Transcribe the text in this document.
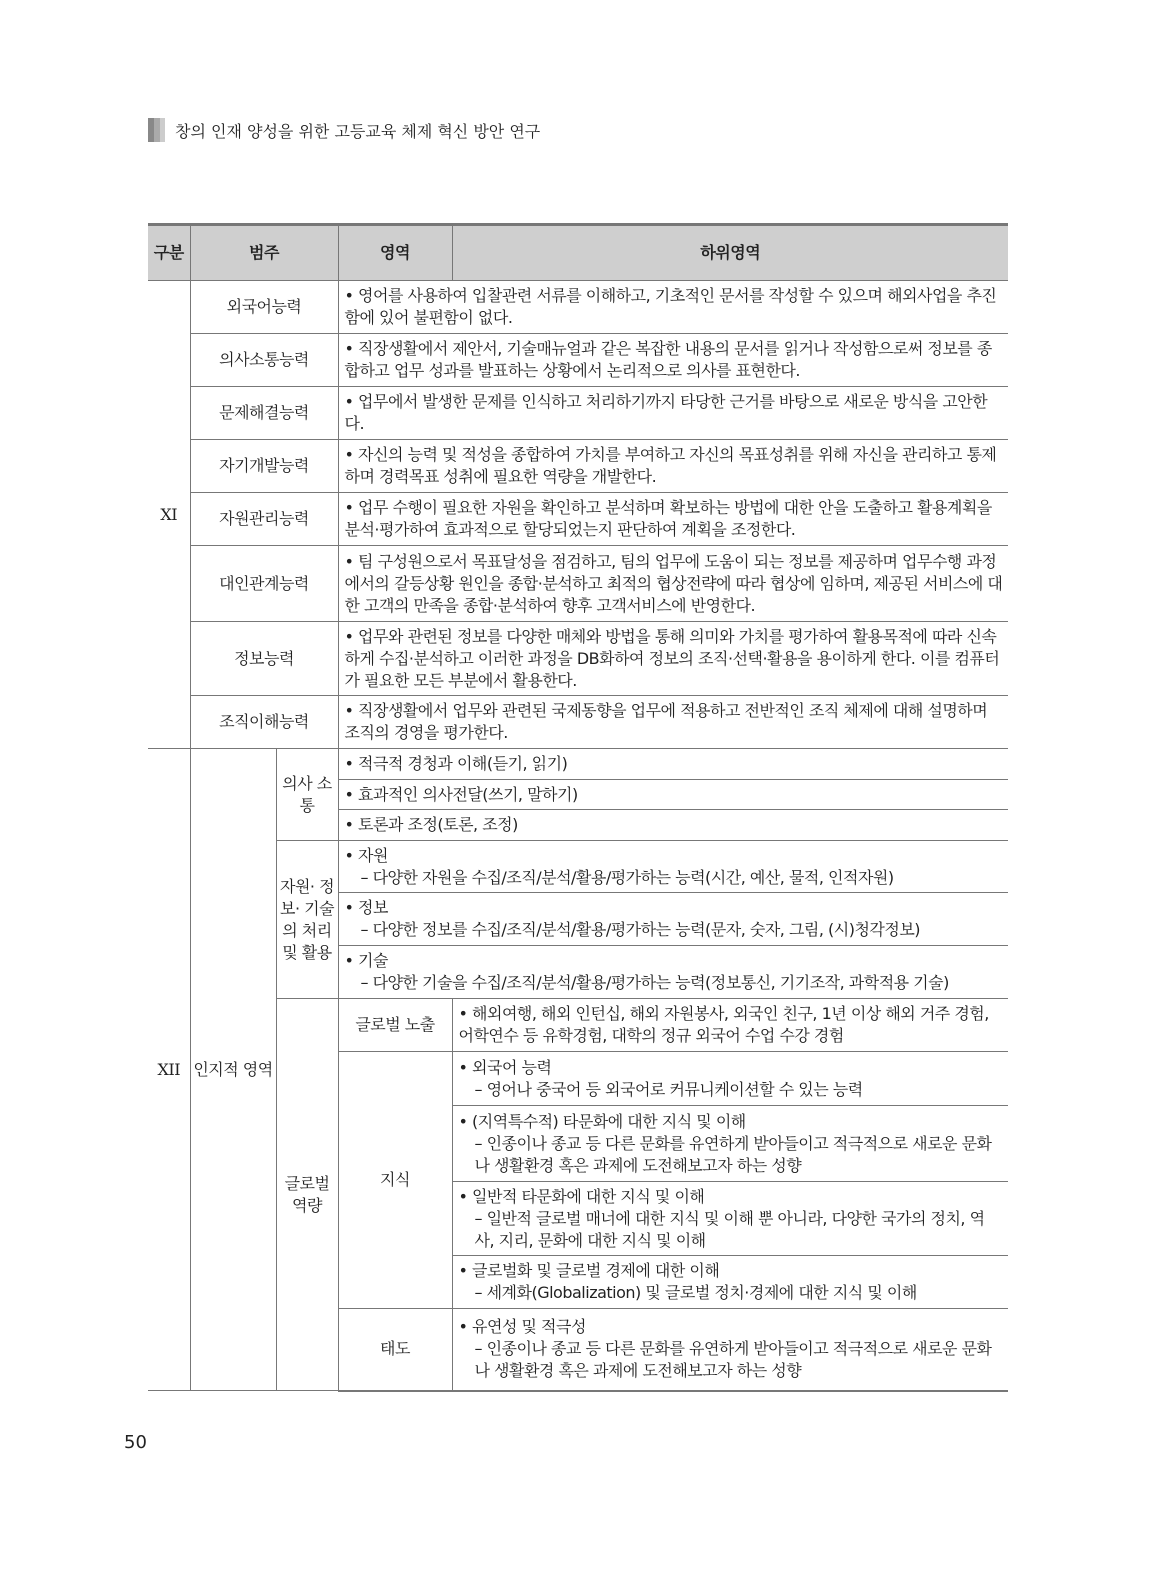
창의 인재 양성을 위한 고등교육 체제 혁신 방안 연구
구분	범주		영역	하위영역
XI	외국어능력		• 영어를 사용하여 입찰관련 서류를 이해하고, 기초적인 문서를 작성할 수 있으며 해외사업을 추진함에 있어 불편함이 없다.	
	의사소통능력		• 직장생활에서 제안서, 기술매뉴얼과 같은 복잡한 내용의 문서를 읽거나 작성함으로써 정보를 종합하고 업무 성과를 발표하는 상황에서 논리적으로 의사를 표현한다.	
	문제해결능력		• 업무에서 발생한 문제를 인식하고 처리하기까지 타당한 근거를 바탕으로 새로운 방식을 고안한다.	
	자기개발능력		• 자신의 능력 및 적성을 종합하여 가치를 부여하고 자신의 목표성취를 위해 자신을 관리하고 통제하며 경력목표 성취에 필요한 역량을 개발한다.	
	자원관리능력		• 업무 수행이 필요한 자원을 확인하고 분석하며 확보하는 방법에 대한 안을 도출하고 활용계획을 분석·평가하여 효과적으로 할당되었는지 판단하여 계획을 조정한다.	
	대인관계능력		• 팀 구성원으로서 목표달성을 점검하고, 팀의 업무에 도움이 되는 정보를 제공하며 업무수행 과정에서의 갈등상황 원인을 종합·분석하고 최적의 협상전략에 따라 협상에 임하며, 제공된 서비스에 대한 고객의 만족을 종합·분석하여 향후 고객서비스에 반영한다.	
	정보능력		• 업무와 관련된 정보를 다양한 매체와 방법을 통해 의미와 가치를 평가하여 활용목적에 따라 신속하게 수집·분석하고 이러한 과정을 DB화하여 정보의 조직·선택·활용을 용이하게 한다. 이를 컴퓨터가 필요한 모든 부분에서 활용한다.	
	조직이해능력		• 직장생활에서 업무와 관련된 국제동향을 업무에 적용하고 전반적인 조직 체제에 대해 설명하며 조직의 경영을 평가한다.	
XII	인지적 영역	의사 소통	• 적극적 경청과 이해(듣기, 읽기)	
			• 효과적인 의사전달(쓰기, 말하기)	
			• 토론과 조정(토론, 조정)	
		자원· 정보· 기술의 처리 및 활용	• 자원
– 다양한 자원을 수집/조직/분석/활용/평가하는 능력(시간, 예산, 물적, 인적자원)	

			• 정보
– 다양한 정보를 수집/조직/분석/활용/평가하는 능력(문자, 숫자, 그림, (시)청각정보)	

			• 기술
– 다양한 기술을 수집/조직/분석/활용/평가하는 능력(정보통신, 기기조작, 과학적용 기술)	

		글로벌 역량	글로벌 노출	• 해외여행, 해외 인턴십, 해외 자원봉사, 외국인 친구, 1년 이상 해외 거주 경험, 어학연수 등 유학경험, 대학의 정규 외국어 수업 수강 경험
			지식	• 외국어 능력
– 영어나 중국어 등 외국어로 커뮤니케이션할 수 있는 능력

				• (지역특수적) 타문화에 대한 지식 및 이해
– 인종이나 종교 등 다른 문화를 유연하게 받아들이고 적극적으로 새로운 문화나 생활환경 혹은 과제에 도전해보고자 하는 성향

				• 일반적 타문화에 대한 지식 및 이해
– 일반적 글로벌 매너에 대한 지식 및 이해 뿐 아니라, 다양한 국가의 정치, 역사, 지리, 문화에 대한 지식 및 이해

				• 글로벌화 및 글로벌 경제에 대한 이해
– 세계화(Globalization) 및 글로벌 정치·경제에 대한 지식 및 이해

			태도	• 유연성 및 적극성
– 인종이나 종교 등 다른 문화를 유연하게 받아들이고 적극적으로 새로운 문화나 생활환경 혹은 과제에 도전해보고자 하는 성향
50
